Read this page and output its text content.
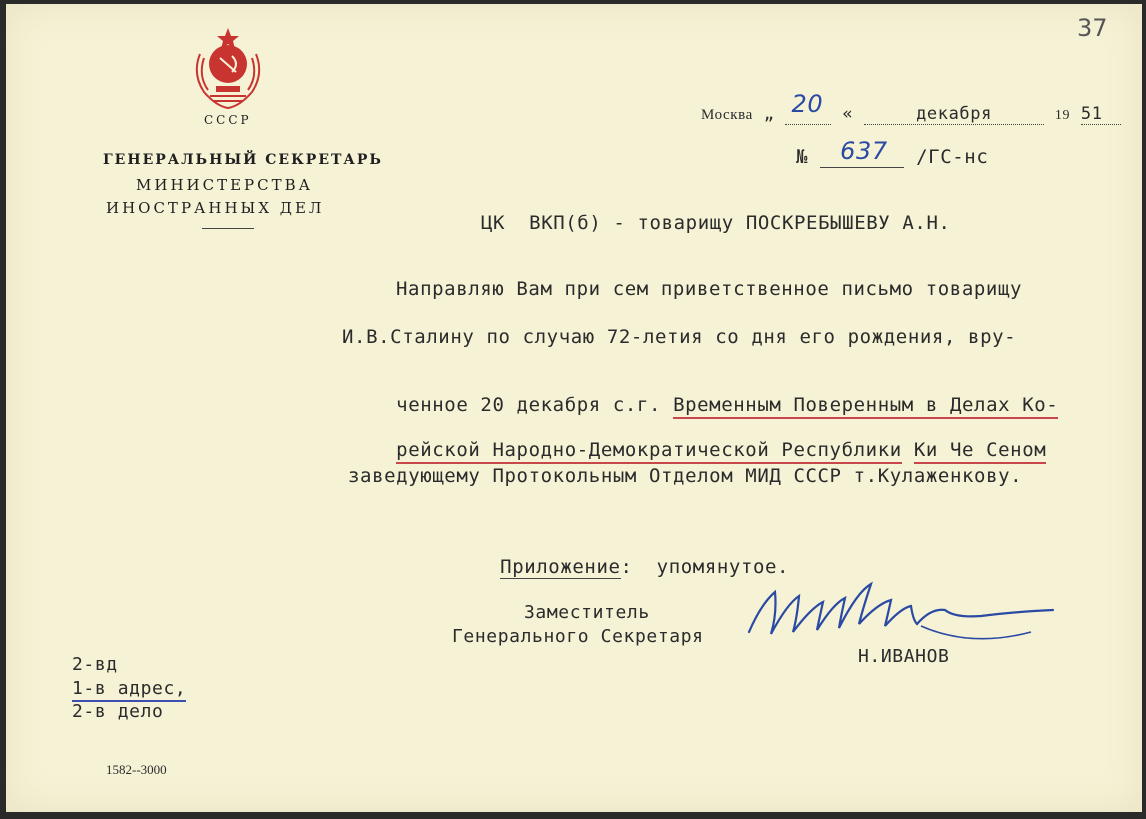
37
СССР
ГЕНЕРАЛЬНЫЙ СЕКРЕТАРЬ
МИНИСТЕРСТВА
ИНОСТРАННЫХ ДЕЛ
Москва „ 20 «	декабря	19 51
№ 637 /ГС-нс
ЦК  ВКП(б) - товарищу ПОСКРЕБЫШЕВУ А.Н.
Направляю Вам при сем приветственное письмо товарищу
И.В.Сталину по случаю 72-летия со дня его рождения, вру-

ченное 20 декабря с.г. Временным Поверенным в Делах Ко-

рейской Народно-Демократической Республики Ки Че Сеном

заведующему Протокольным Отделом МИД СССР т.Кулаженкову.

Приложение:  упомянутое.

Заместитель
Генерального Секретаря
Н.ИВАНОВ
2-вд
1-в адрес,
2-в дело
1582--3000
